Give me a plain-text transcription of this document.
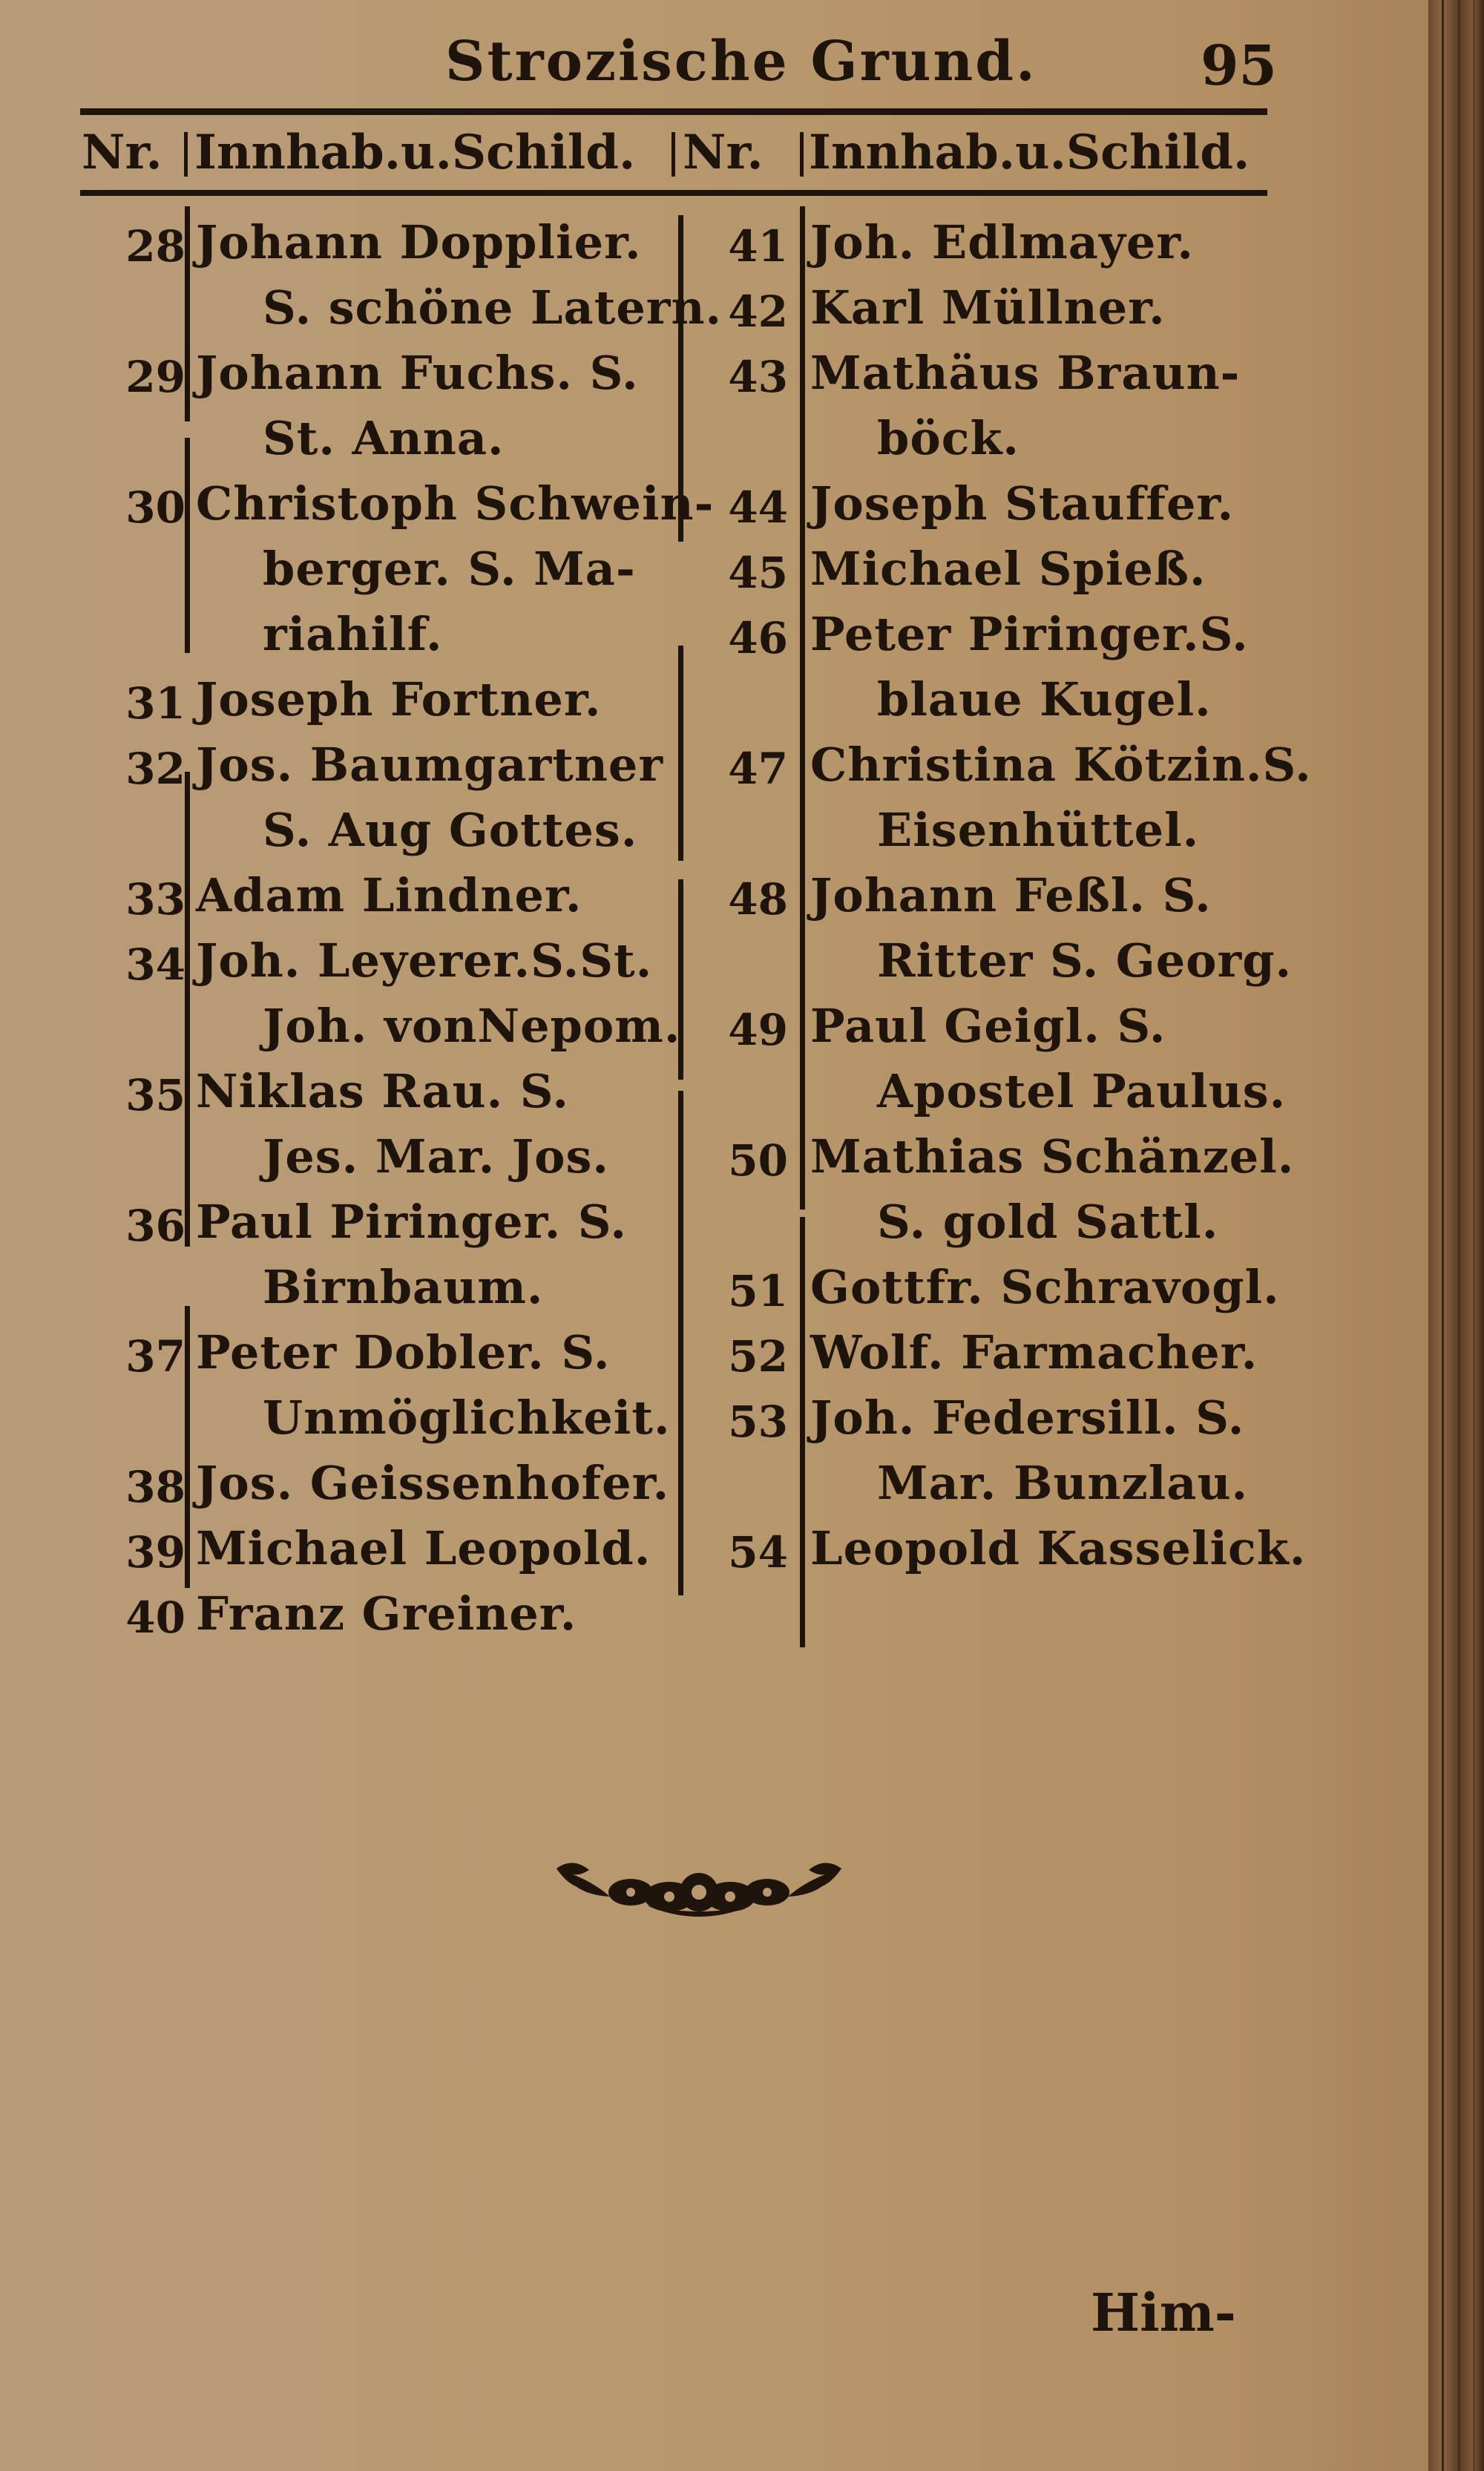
Strozische Grund.	95
Nr. Innhab.u.Schild. Nr. Innhab.u.Schild.
28 Johann Dopplier.
S. schöne Latern.
29 Johann Fuchs. S.
St. Anna.
30 Christoph Schwein-
berger. S. Ma-
riahilf.
31 Joseph Fortner.
32 Jos. Baumgartner
S. Aug Gottes.
33 Adam Lindner.
34 Joh. Leyerer.S.St.
Joh. vonNepom.
35 Niklas Rau. S.
Jes. Mar. Jos.
36 Paul Piringer. S.
Birnbaum.
37 Peter Dobler. S.
Unmöglichkeit.
38 Jos. Geissenhofer.
39 Michael Leopold.
40 Franz Greiner.
41 Joh. Edlmayer.
42 Karl Müllner.
43 Mathäus Braun-
böck.
44 Joseph Stauffer.
45 Michael Spieß.
46 Peter Piringer.S.
blaue Kugel.
47 Christina Kötzin.S.
Eisenhüttel.
48 Johann Feßl. S.
Ritter S. Georg.
49 Paul Geigl. S.
Apostel Paulus.
50 Mathias Schänzel.
S. gold Sattl.
51 Gottfr. Schravogl.
52 Wolf. Farmacher.
53 Joh. Federsill. S.
Mar. Bunzlau.
54 Leopold Kasselick.
Him-
